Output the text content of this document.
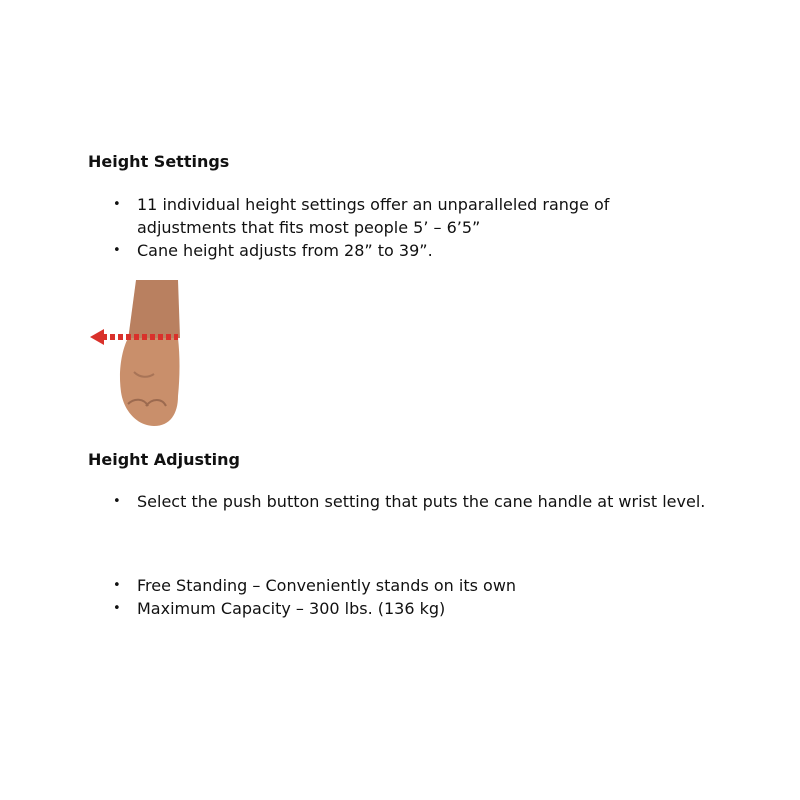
Height Settings
• 11 individual height settings offer an unparalleled range of adjustments that fits most people 5’ – 6’5”
• Cane height adjusts from 28” to 39”.
Height Adjusting
• Select the push button setting that puts the cane handle at wrist level.
• Free Standing – Conveniently stands on its own
• Maximum Capacity – 300 lbs. (136 kg)
